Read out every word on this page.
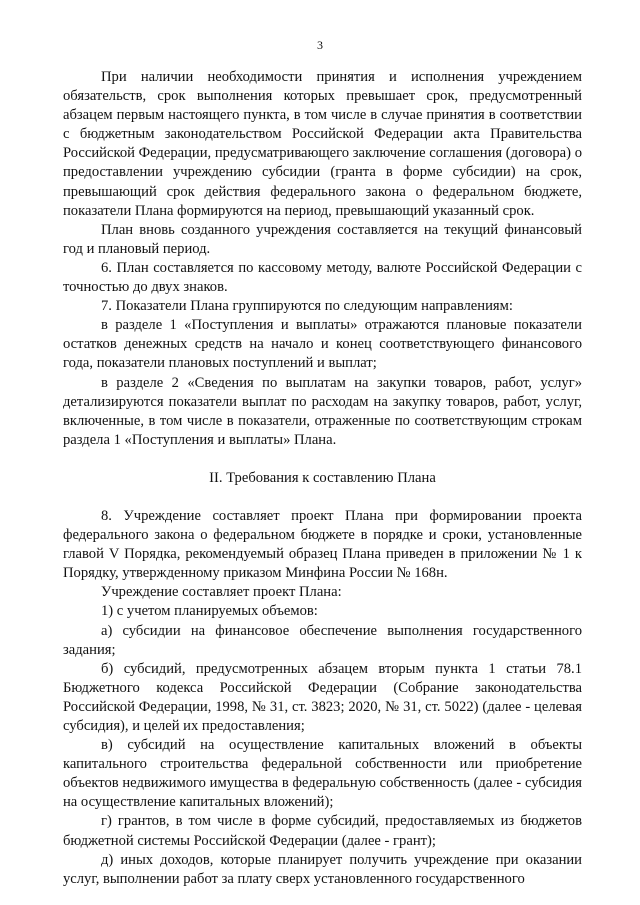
3

При наличии необходимости принятия и исполнения учреждением обязательств, срок выполнения которых превышает срок, предусмотренный абзацем первым настоящего пункта, в том числе в случае принятия в соответствии с бюджетным законодательством Российской Федерации акта Правительства Российской Федерации, предусматривающего заключение соглашения (договора) о предоставлении учреждению субсидии (гранта в форме субсидии) на срок, превышающий срок действия федерального закона о федеральном бюджете, показатели Плана формируются на период, превышающий указанный срок.

План вновь созданного учреждения составляется на текущий финансовый год и плановый период.

6. План составляется по кассовому методу, валюте Российской Федерации с точностью до двух знаков.

7. Показатели Плана группируются по следующим направлениям:

в разделе 1 «Поступления и выплаты» отражаются плановые показатели остатков денежных средств на начало и конец соответствующего финансового года, показатели плановых поступлений и выплат;

в разделе 2 «Сведения по выплатам на закупки товаров, работ, услуг» детализируются показатели выплат по расходам на закупку товаров, работ, услуг, включенные, в том числе в показатели, отраженные по соответствующим строкам раздела 1 «Поступления и выплаты» Плана.

II. Требования к составлению Плана

8. Учреждение составляет проект Плана при формировании проекта федерального закона о федеральном бюджете в порядке и сроки, установленные главой V Порядка, рекомендуемый образец Плана приведен в приложении № 1 к Порядку, утвержденному приказом Минфина России № 168н.

Учреждение составляет проект Плана:

1) с учетом планируемых объемов:

а) субсидии на финансовое обеспечение выполнения государственного задания;

б) субсидий, предусмотренных абзацем вторым пункта 1 статьи 78.1 Бюджетного кодекса Российской Федерации (Собрание законодательства Российской Федерации, 1998, № 31, ст. 3823; 2020, № 31, ст. 5022) (далее - целевая субсидия), и целей их предоставления;

в) субсидий на осуществление капитальных вложений в объекты капитального строительства федеральной собственности или приобретение объектов недвижимого имущества в федеральную собственность (далее - субсидия на осуществление капитальных вложений);

г) грантов, в том числе в форме субсидий, предоставляемых из бюджетов бюджетной системы Российской Федерации (далее - грант);

д) иных доходов, которые планирует получить учреждение при оказании услуг, выполнении работ за плату сверх установленного государственного
